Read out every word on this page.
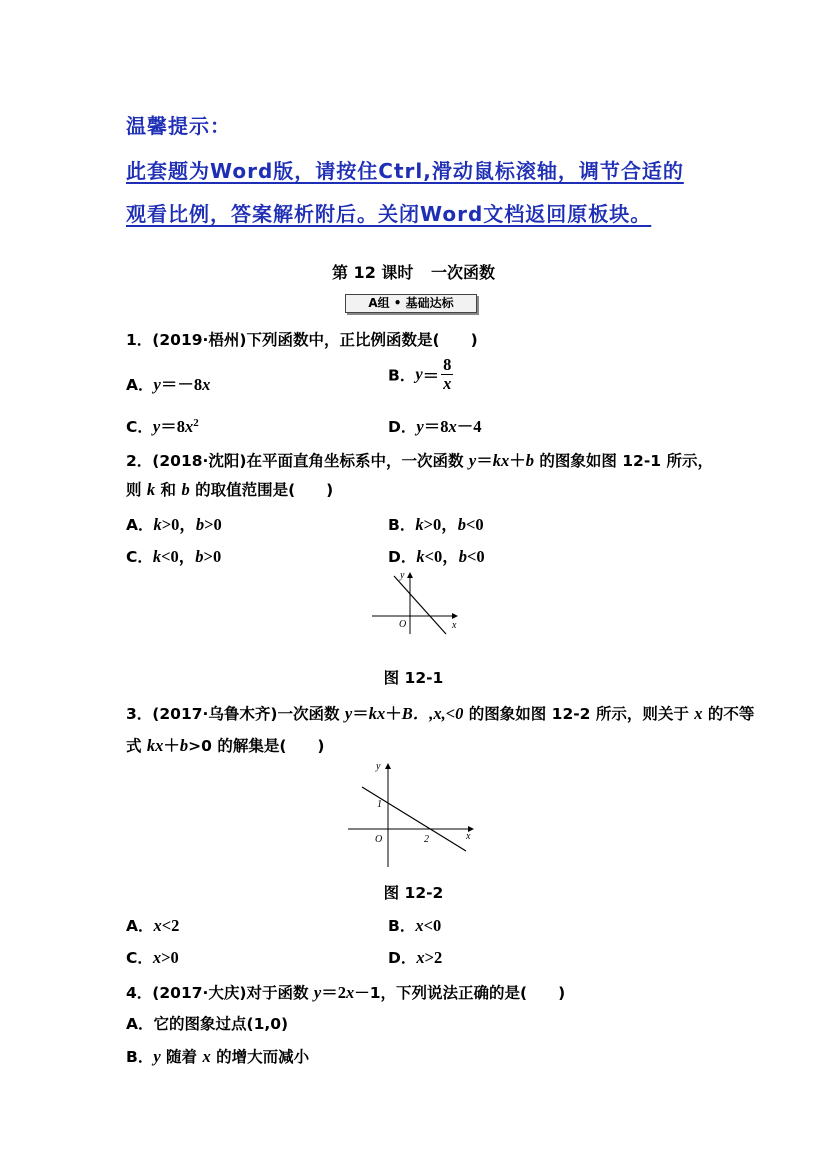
温馨提示：
此套题为Word版，请按住Ctrl,滑动鼠标滚轴，调节合适的
观看比例，答案解析附后。关闭Word文档返回原板块。
第 12 课时 一次函数
A组 • 基础达标
1．(2019·梧州)下列函数中，正比例函数是(　　)
A．y＝－8x	B．$y= \frac{8}{x}$
C．$y=8x^2$	D．y＝8x－4
2．(2018·沈阳)在平面直角坐标系中，一次函数 y＝kx＋b 的图象如图 12-1 所示，
则 k 和 b 的取值范围是(　　)
A．k>0，b>0	B．k>0，b<0
C．k<0，b>0	D．k<0，b<0
x
y
O
图 12-1
3．(2017·乌鲁木齐)一次函数 y＝kx＋B．,x,<0 的图象如图 12-2 所示，则关于 x 的不等
式 kx＋b>0 的解集是(　　)
x
y
O
1
2
图 12-2
A．x<2	B．x<0
C．x>0	D．x>2
4．(2017·大庆)对于函数 y＝2x－1，下列说法正确的是(　　)
A．它的图象过点(1,0)
B．y 随着 x 的增大而减小
